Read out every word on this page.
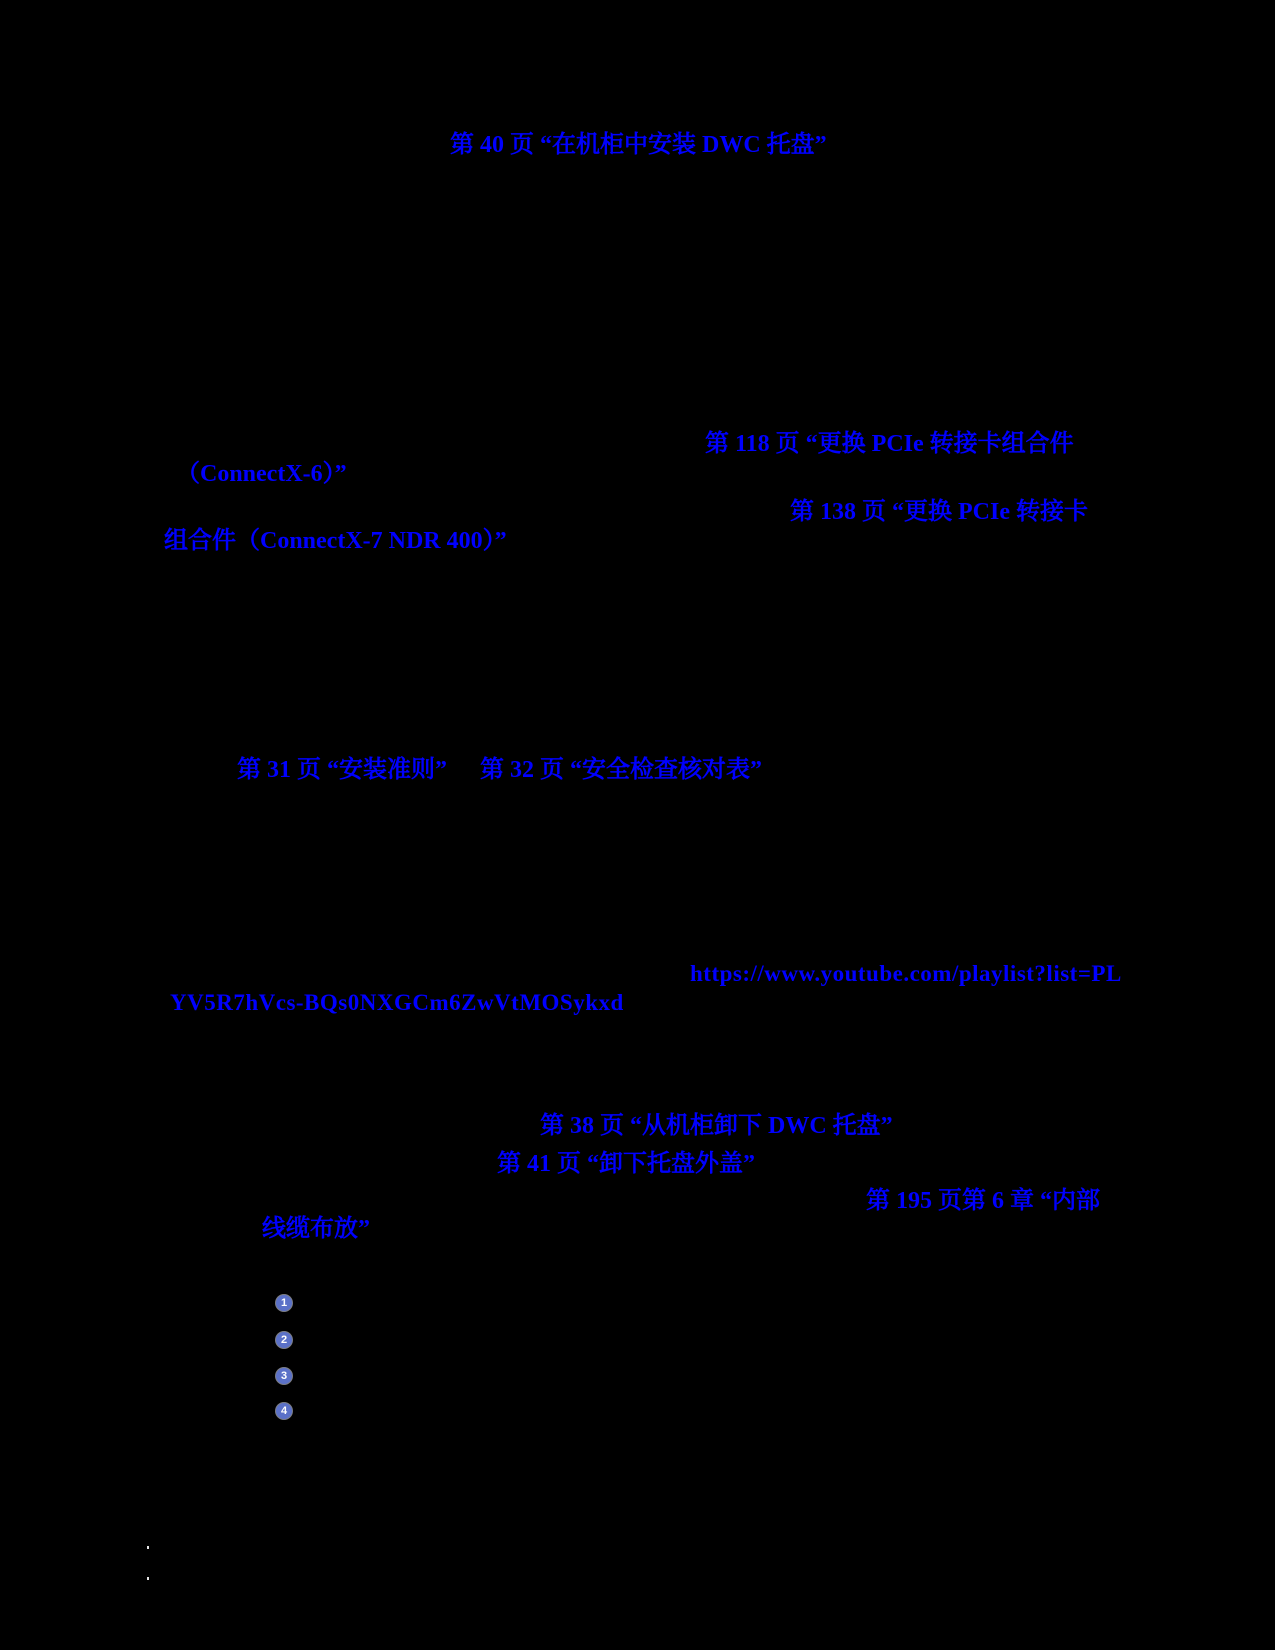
第 40 页 “在机柜中安装 DWC 托盘”
第 118 页 “更换 PCIe 转接卡组合件
（ConnectX-6）”
第 138 页 “更换 PCIe 转接卡
组合件（ConnectX-7 NDR 400）”
第 31 页 “安装准则” 第 32 页 “安全检查核对表”
https://www.youtube.com/playlist?list=PL
YV5R7hVcs-BQs0NXGCm6ZwVtMOSykxd
第 38 页 “从机柜卸下 DWC 托盘”
第 41 页 “卸下托盘外盖”
第 195 页第 6 章 “内部
线缆布放”
1
2
3
4
